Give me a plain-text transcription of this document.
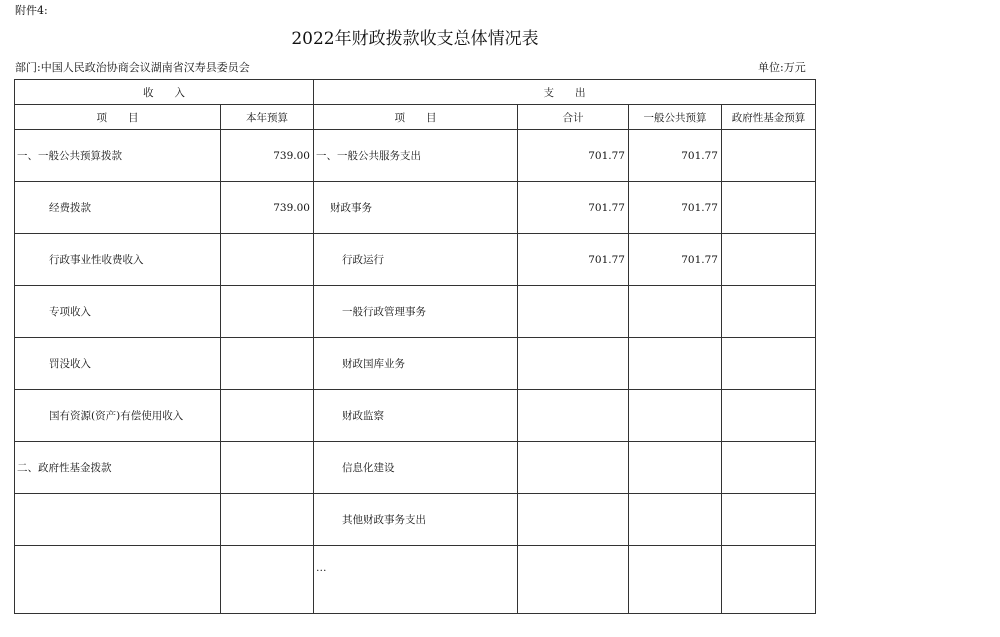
附件4:
2022年财政拨款收支总体情况表
部门:中国人民政治协商会议湖南省汉寿县委员会	单位:万元
收　　入		支　　出			
项　　目	本年预算	项　　目	合计	一般公共预算	政府性基金预算
一、一般公共预算拨款	739.00	一、一般公共服务支出	701.77	701.77	
经费拨款	739.00	财政事务	701.77	701.77	
行政事业性收费收入		行政运行	701.77	701.77	
专项收入		一般行政管理事务			
罚没收入		财政国库业务			
国有资源(资产)有偿使用收入		财政监察			
二、政府性基金拨款		信息化建设			
		其他财政事务支出			
		…			
